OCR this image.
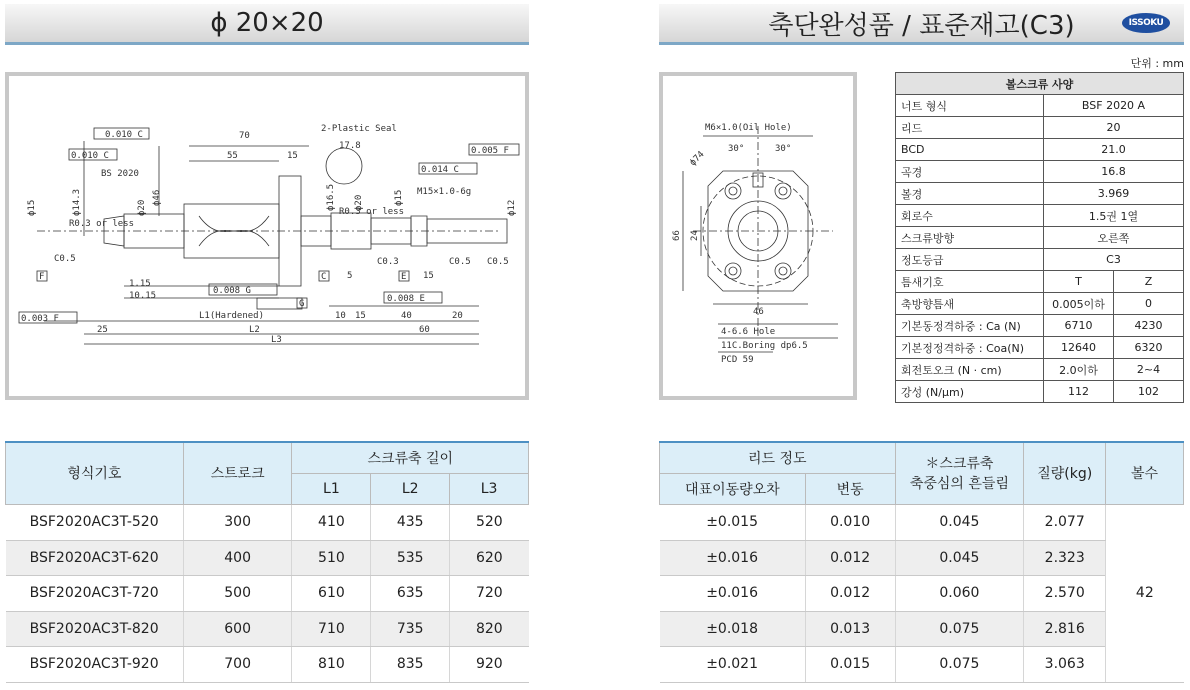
ϕ 20×20	축단완성품 / 표준재고(C3)	ISSOKU
단위 : mm
2-Plastic Seal
BS 2020
M15×1.0-6g
70
55	15
17.8
L1(Hardened)
L2
L3
25
10 15	40
60
20
5	15
1.15
10.15
0.010 C
0.010 C
0.014 C
0.005 F
0.008 G
0.008 E
0.003 F
F	C	E
G
R0.3 or less
R0.3 or less
C0.5	C0.3	C0.5 C0.5
ϕ15	ϕ14.3	ϕ20
ϕ46	ϕ16.5 ϕ20	ϕ15
ϕ12
M6×1.0(Oil Hole)
30°	30°
ϕ74
24
66
46
4-6.6 Hole
11C.Boring dp6.5
PCD 59
볼스크류 사양		
너트 형식	BSF 2020 A	
리드	20	
BCD	21.0	
곡경	16.8	
볼경	3.969	
회로수	1.5권 1열	
스크류방향	오른쪽	
정도등급	C3	
틈새기호	T	Z
축방향틈새	0.005이하	0
기본동정격하중 : Ca (N)	6710	4230
기본정정격하중 : Coa(N)	12640	6320
회전토오크 (N · cm)	2.0이하	2~4
강성 (N/μm)	112	102
형식기호	스트로크	스크류축 길이		
		L1	L2	L3
BSF2020AC3T-520	300	410	435	520
BSF2020AC3T-620	400	510	535	620
BSF2020AC3T-720	500	610	635	720
BSF2020AC3T-820	600	710	735	820
BSF2020AC3T-920	700	810	835	920
리드 정도		＊스크류축
축중심의 흔들림	질량(kg)	볼수
대표이동량오차	변동			
±0.015	0.010	0.045	2.077	42
±0.016	0.012	0.045	2.323	
±0.016	0.012	0.060	2.570	
±0.018	0.013	0.075	2.816	
±0.021	0.015	0.075	3.063	
